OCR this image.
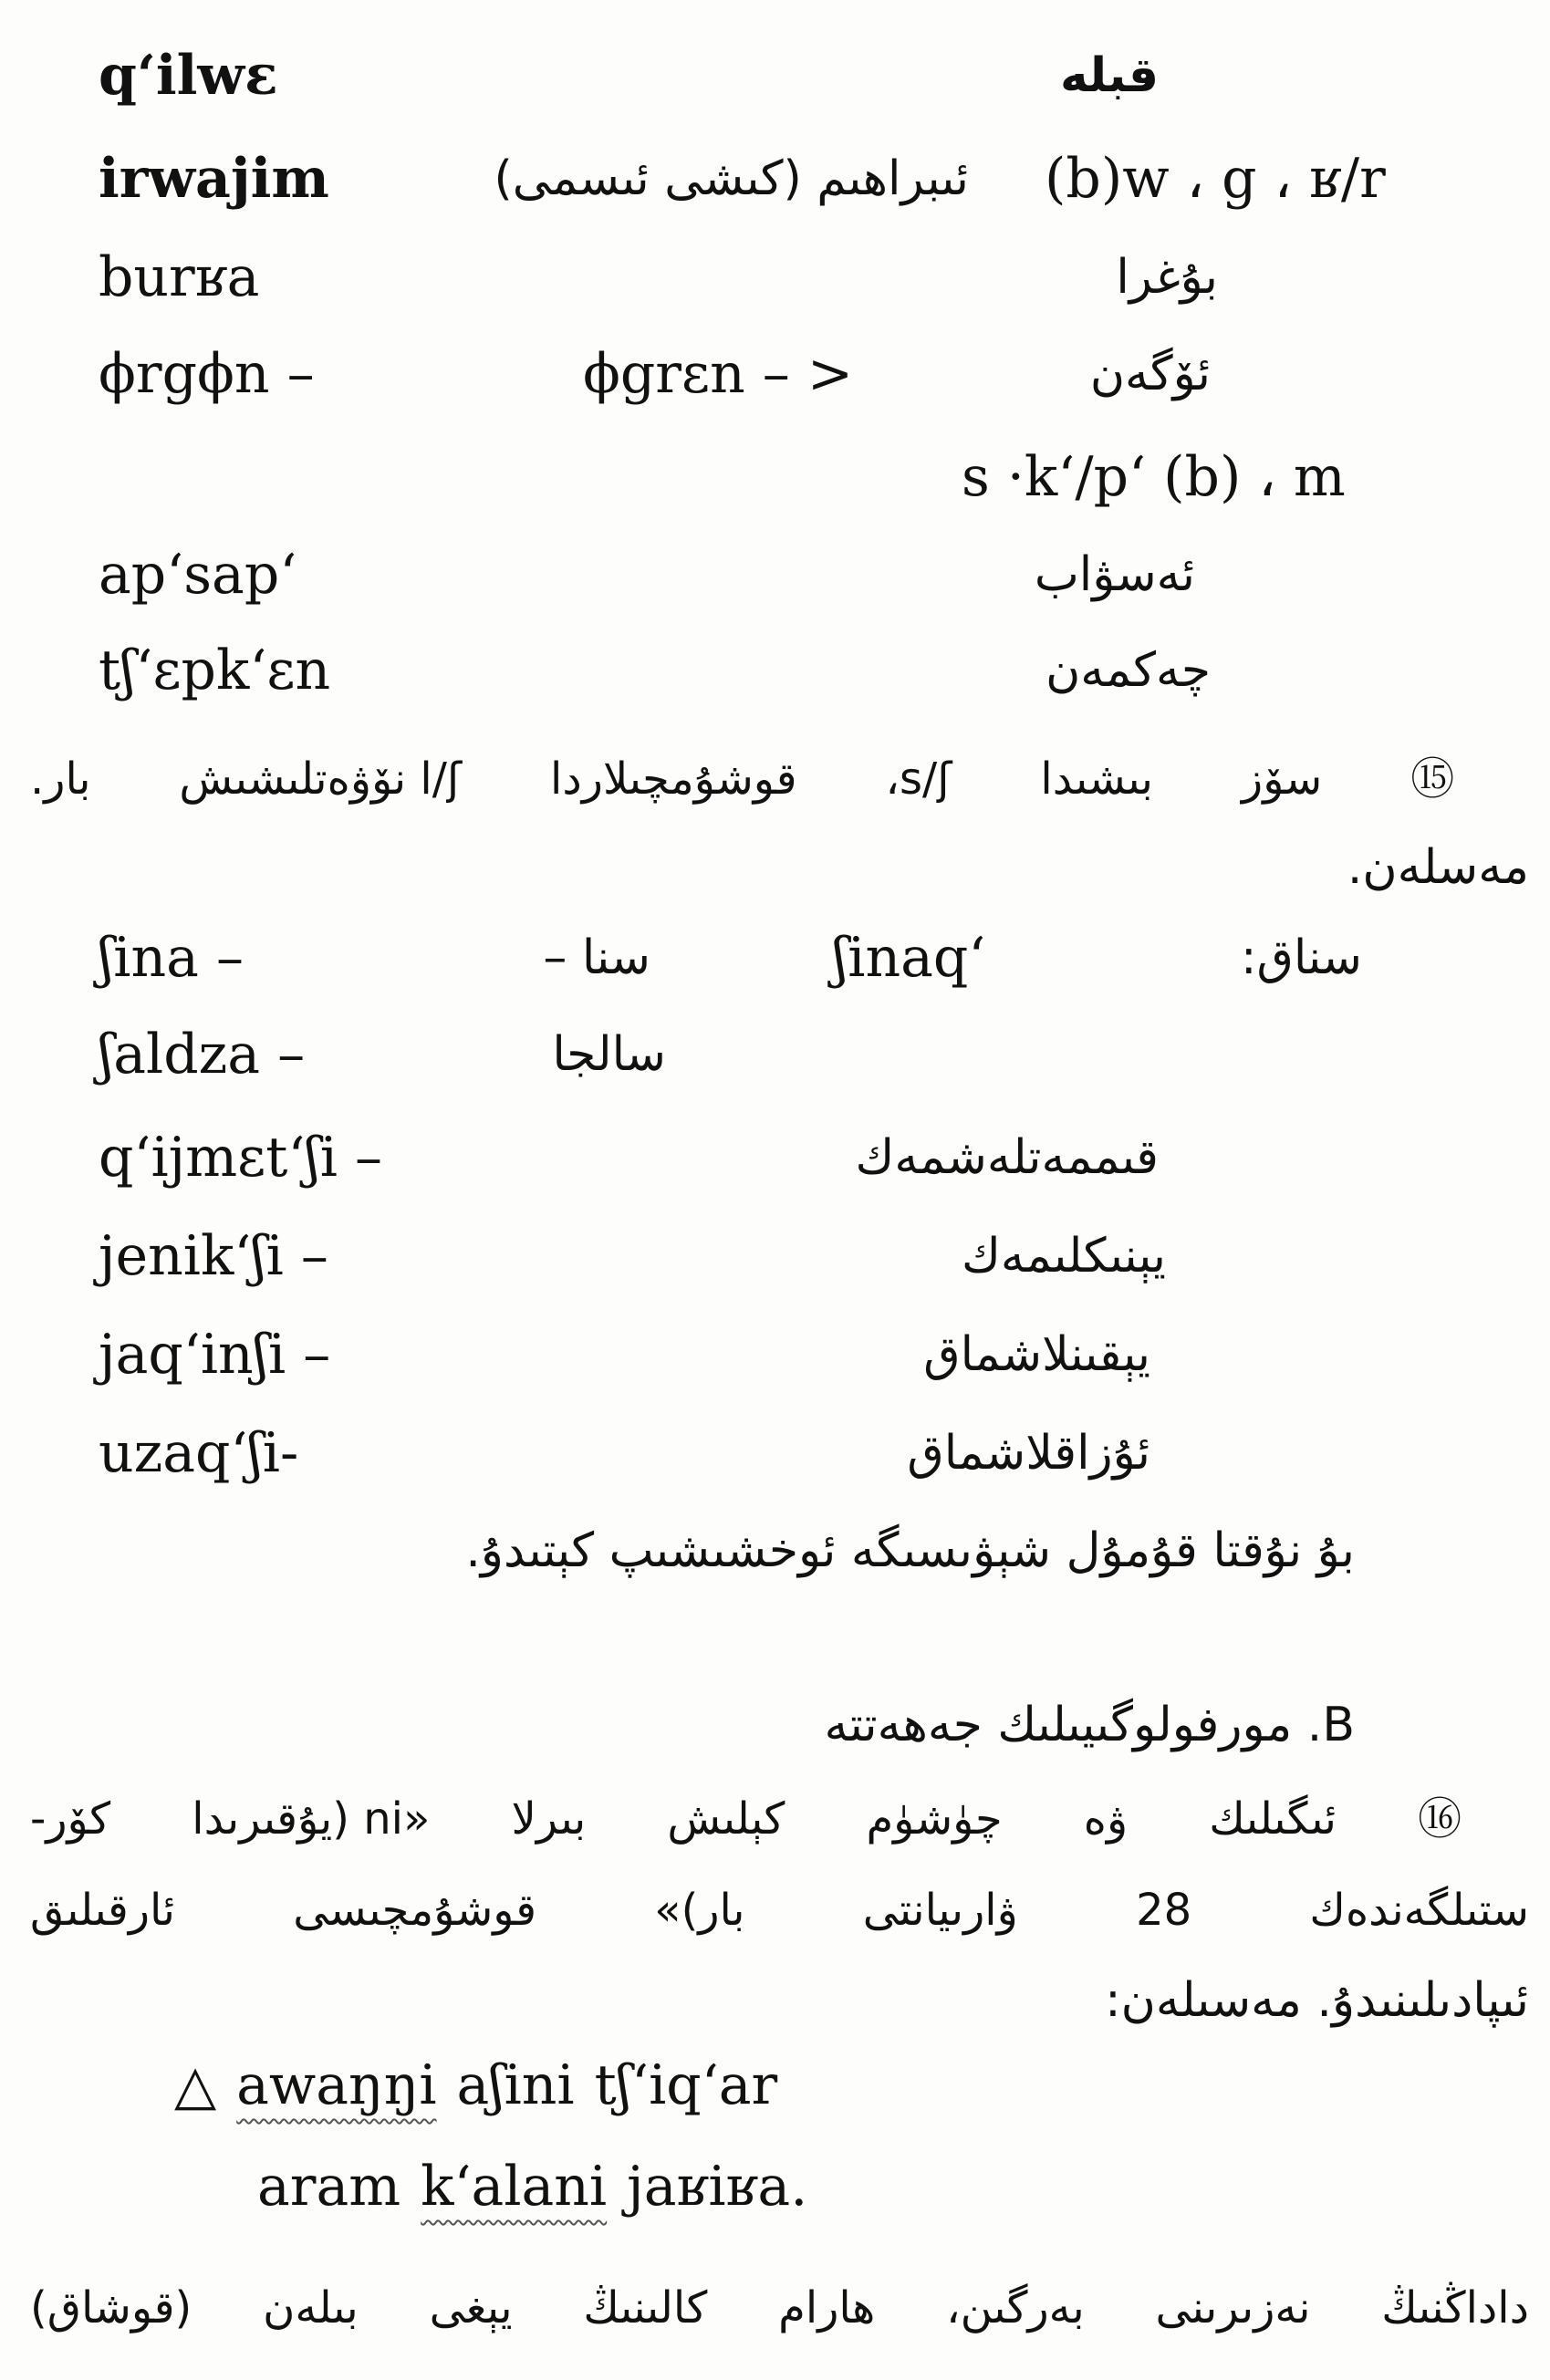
q‘ilwɛ	قبله
irwajim	ئىبراھىم (كىشى ئىسمى) (b)w ، g ، ʁ/r
burʁa	بۇغرا
ϕrgϕn –	ϕgrɛn – >	ئۆگەن
s ·k‘/p‘ (b) ، m
ap‘sap‘	ئەسۋاب
tʃ‘ɛpk‘ɛn	چەكمەن
⑮ سۆز بىشىدا s/ʃ، قوشۇمچىلاردا l/ʃ نۆۋەتلىشىش بار.
مەسلەن.
ʃina –	سنا –	ʃinaq‘	سناق:
ʃaldza –	سالجا
q‘ijmɛt‘ʃi –	قىممەتلەشمەك
jenik‘ʃi –	يېنىكلىمەك
jaq‘inʃi –	يېقىنلاشماق
uzaq‘ʃi-	ئۇزاقلاشماق
بۇ نۇقتا قۇمۇل شېۋىسىگە ئوخشىشىپ كېتىدۇ.
B. مورفولوگىيىلىك جەھەتتە
⑯ ئىگىلىك ۋە چۈشۈم كېلىش بىرلا «ni (يۇقىرىدا كۆر-
ستىلگەندەك 28 ۋارىيانتى بار)» قوشۇمچىسى ئارقىلىق
ئىپادىلىنىدۇ. مەسىلەن:
△ awaŋŋi aʃini tʃ‘iq‘ar
aram k‘alani jaʁiʁa.
داداڭنىڭ نەزىرىنى بەرگىن، هارام كالىنىڭ يېغى بىلەن (قوشاق)
